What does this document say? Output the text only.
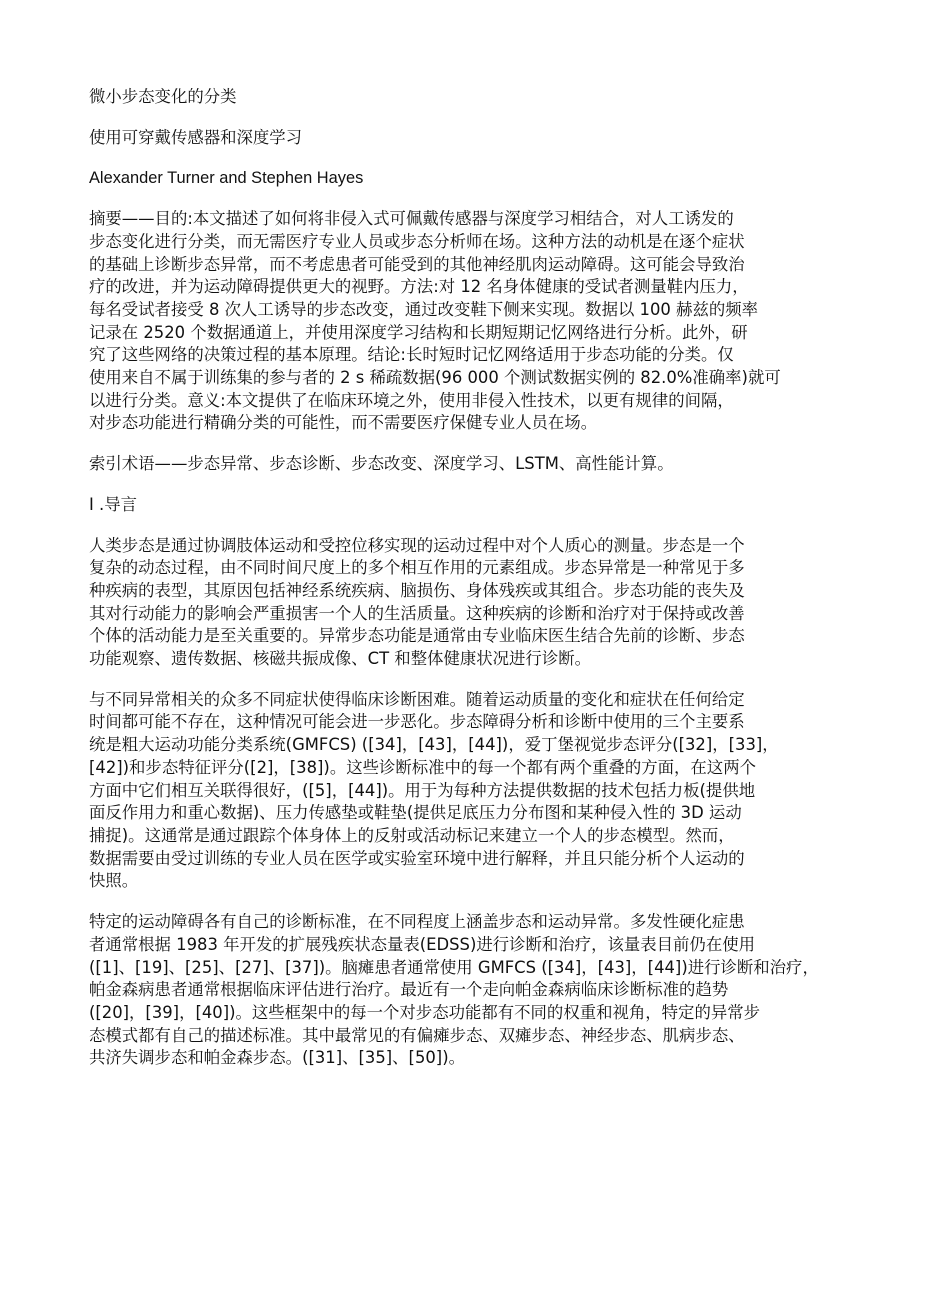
微小步态变化的分类

使用可穿戴传感器和深度学习

Alexander Turner and Stephen Hayes

摘要——目的:本文描述了如何将非侵入式可佩戴传感器与深度学习相结合，对人工诱发的
步态变化进行分类，而无需医疗专业人员或步态分析师在场。这种方法的动机是在逐个症状
的基础上诊断步态异常，而不考虑患者可能受到的其他神经肌肉运动障碍。这可能会导致治
疗的改进，并为运动障碍提供更大的视野。方法:对 12 名身体健康的受试者测量鞋内压力，
每名受试者接受 8 次人工诱导的步态改变，通过改变鞋下侧来实现。数据以 100 赫兹的频率
记录在 2520 个数据通道上，并使用深度学习结构和长期短期记忆网络进行分析。此外，研
究了这些网络的决策过程的基本原理。结论:长时短时记忆网络适用于步态功能的分类。仅
使用来自不属于训练集的参与者的 2 s 稀疏数据(96 000 个测试数据实例的 82.0%准确率)就可
以进行分类。意义:本文提供了在临床环境之外，使用非侵入性技术，以更有规律的间隔，
对步态功能进行精确分类的可能性，而不需要医疗保健专业人员在场。
索引术语——步态异常、步态诊断、步态改变、深度学习、LSTM、高性能计算。
I .导言
人类步态是通过协调肢体运动和受控位移实现的运动过程中对个人质心的测量。步态是一个
复杂的动态过程，由不同时间尺度上的多个相互作用的元素组成。步态异常是一种常见于多
种疾病的表型，其原因包括神经系统疾病、脑损伤、身体残疾或其组合。步态功能的丧失及
其对行动能力的影响会严重损害一个人的生活质量。这种疾病的诊断和治疗对于保持或改善
个体的活动能力是至关重要的。异常步态功能是通常由专业临床医生结合先前的诊断、步态
功能观察、遗传数据、核磁共振成像、CT 和整体健康状况进行诊断。
与不同异常相关的众多不同症状使得临床诊断困难。随着运动质量的变化和症状在任何给定
时间都可能不存在，这种情况可能会进一步恶化。步态障碍分析和诊断中使用的三个主要系
统是粗大运动功能分类系统(GMFCS) ([34]，[43]，[44])，爱丁堡视觉步态评分([32]，[33]，
[42])和步态特征评分([2]，[38])。这些诊断标准中的每一个都有两个重叠的方面，在这两个
方面中它们相互关联得很好，([5]，[44])。用于为每种方法提供数据的技术包括力板(提供地
面反作用力和重心数据)、压力传感垫或鞋垫(提供足底压力分布图和某种侵入性的 3D 运动
捕捉)。这通常是通过跟踪个体身体上的反射或活动标记来建立一个人的步态模型。然而，
数据需要由受过训练的专业人员在医学或实验室环境中进行解释，并且只能分析个人运动的
快照。
特定的运动障碍各有自己的诊断标准，在不同程度上涵盖步态和运动异常。多发性硬化症患
者通常根据 1983 年开发的扩展残疾状态量表(EDSS)进行诊断和治疗，该量表目前仍在使用
([1]、[19]、[25]、[27]、[37])。脑瘫患者通常使用 GMFCS ([34]，[43]，[44])进行诊断和治疗，
帕金森病患者通常根据临床评估进行治疗。最近有一个走向帕金森病临床诊断标准的趋势
([20]，[39]，[40])。这些框架中的每一个对步态功能都有不同的权重和视角，特定的异常步
态模式都有自己的描述标准。其中最常见的有偏瘫步态、双瘫步态、神经步态、肌病步态、
共济失调步态和帕金森步态。([31]、[35]、[50])。
